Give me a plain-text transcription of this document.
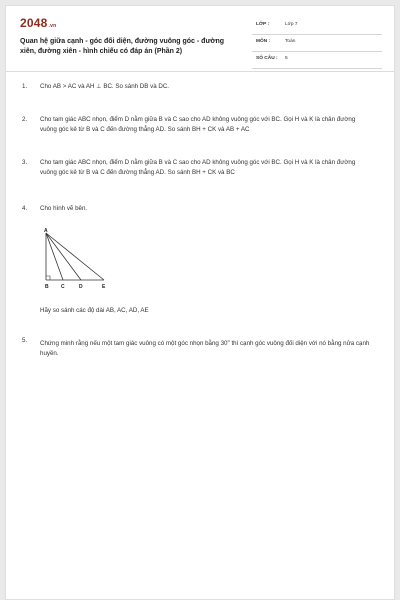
2048.vn
Quan hệ giữa cạnh - góc đối diện, đường vuông góc - đường xiên, đường xiên - hình chiếu có đáp án (Phần 2)
LỚP :	Lớp 7
MÔN :	Toán
SỐ CÂU : 5
1. Cho AB > AC và AH ⊥ BC. So sánh DB và DC.
2. Cho tam giác ABC nhọn, điểm D nằm giữa B và C sao cho AD không vuông góc với BC. Gọi H và K là chân đường vuông góc kẻ từ B và C đến đường thẳng AD. So sánh BH + CK và AB + AC
3. Cho tam giác ABC nhọn, điểm D nằm giữa B và C sao cho AD không vuông góc với BC. Gọi H và K là chân đường vuông góc kẻ từ B và C đến đường thẳng AD. So sánh BH + CK và BC
4. Cho hình vẽ bên.
A
B C	D	E
Hãy so sánh các độ dài AB, AC, AD, AE
5. Chứng minh rằng nếu một tam giác vuông có một góc nhọn bằng 30$^o$ thì cạnh góc vuông đối diện với nó bằng nửa cạnh huyền.
